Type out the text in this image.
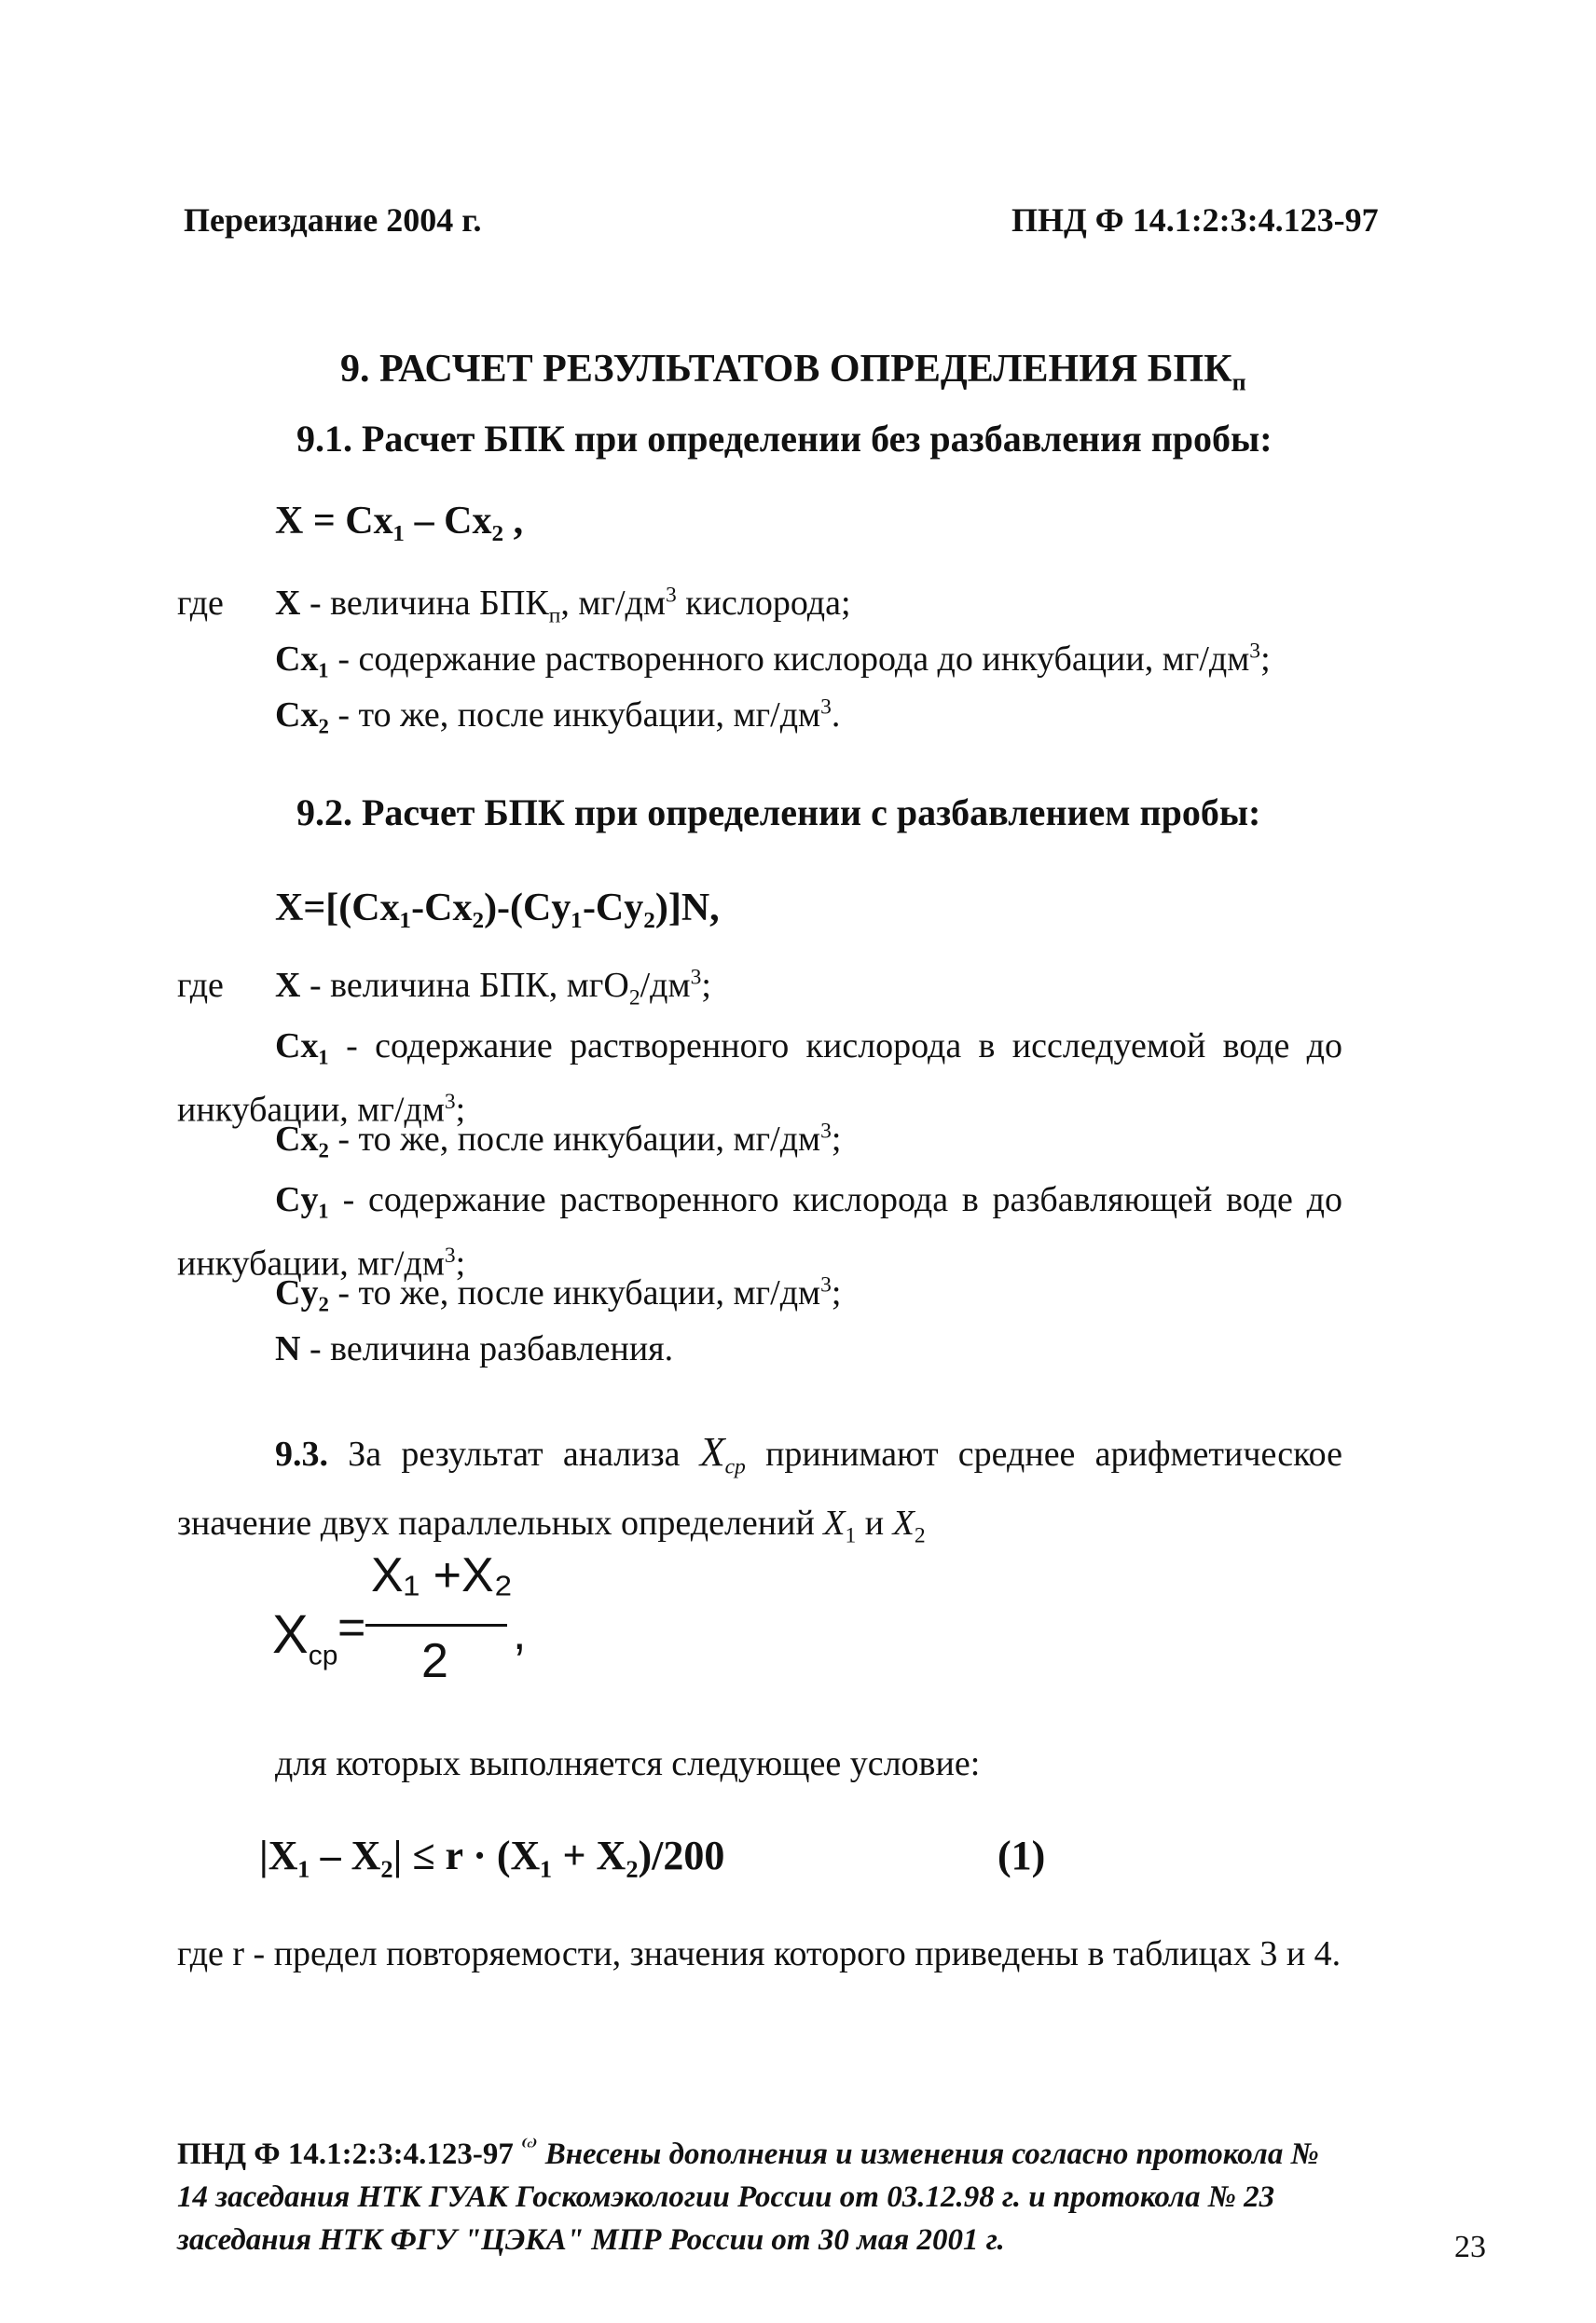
Переиздание 2004 г.	ПНД Ф 14.1:2:3:4.123-97
9. РАСЧЕТ РЕЗУЛЬТАТОВ ОПРЕДЕЛЕНИЯ $БПК_п$
9.1. Расчет БПК при определении без разбавления пробы:
X = Cx₁ – Cx₂ ,
где X - величина $БПК_п$, $мг/дм^3$ кислорода;
Cx₁ - содержание растворенного кислорода до инкубации, $мг/дм^3$;
Cx₂ - то же, после инкубации, $мг/дм^3$.
9.2. Расчет БПК при определении с разбавлением пробы:
X=[(Cx₁-Cx₂)-(Cy₁-Cy₂)]N,
где X - величина БПК, $мгО_2/дм^3$;
Cx₁ - содержание растворенного кислорода в исследуемой воде до инкубации, $мг/дм^3$;
Cx₂ - то же, после инкубации, $мг/дм^3$;
Cy₁ - содержание растворенного кислорода в разбавляющей воде до инкубации, $мг/дм^3$;
Cy₂ - то же, после инкубации, $мг/дм^3$;
N - величина разбавления.
9.3. За результат анализа $X_{cp}$ принимают среднее арифметическое значение двух параллельных определений $X_1$ и $X_2$
$X_{cp}$
=
X₁ +X₂
2
,
для которых выполняется следующее условие:
|X₁ – X₂| ≤ r · (X₁ + X₂)/200	(1)
где r - предел повторяемости, значения которого приведены в таблицах 3 и 4.
ПНД Ф 14.1:2:3:4.123-97 $^{^(ᶜ^)}$ Внесены дополнения и изменения согласно протокола № 14 заседания НТК ГУАК Госкомэкологии России от 03.12.98 г. и протокола № 23 заседания НТК ФГУ "ЦЭКА" МПР России от 30 мая 2001 г.	23
